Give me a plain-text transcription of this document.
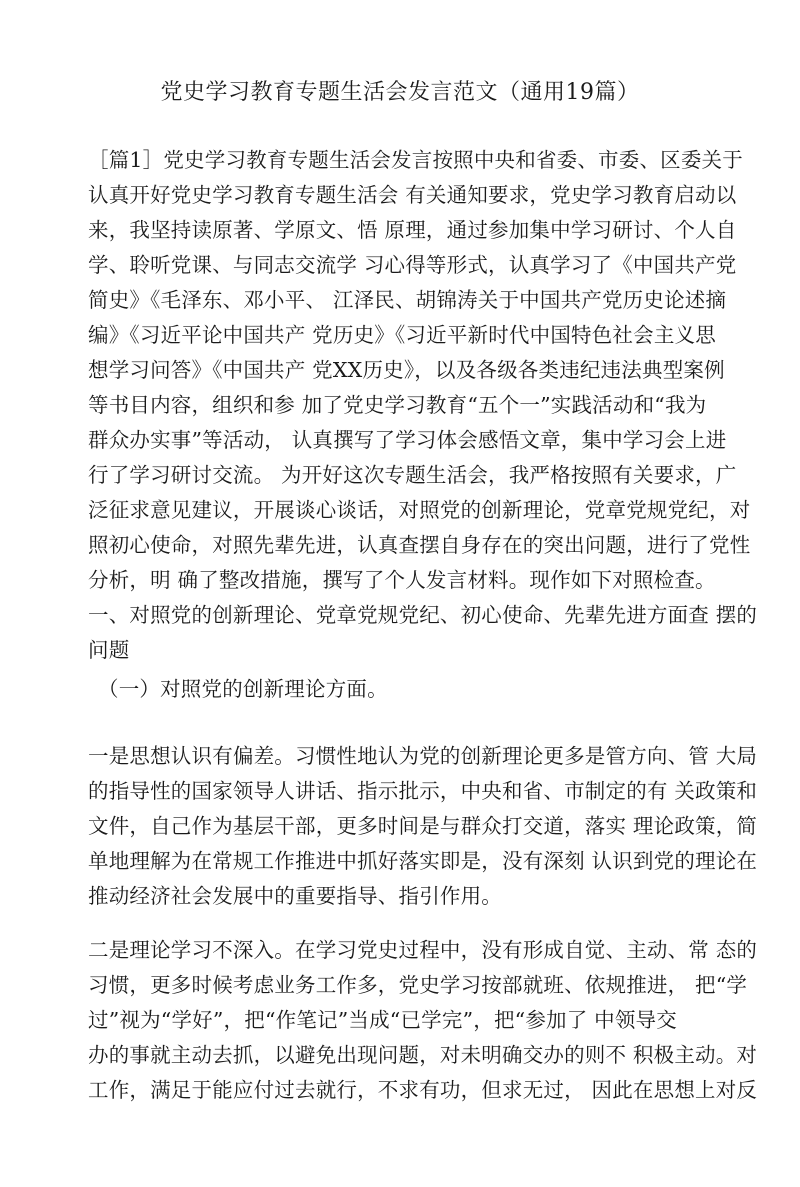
党史学习教育专题生活会发言范文（通用19篇）
［篇1］党史学习教育专题生活会发言按照中央和省委、市委、区委关于
认真开好党史学习教育专题生活会 有关通知要求，党史学习教育启动以
来，我坚持读原著、学原文、悟 原理，通过参加集中学习研讨、个人自
学、聆听党课、与同志交流学 习心得等形式，认真学习了《中国共产党
简史》《毛泽东、邓小平、 江泽民、胡锦涛关于中国共产党历史论述摘
编》《习近平论中国共产 党历史》《习近平新时代中国特色社会主义思
想学习问答》《中国共产 党XX历史》，以及各级各类违纪违法典型案例
等书目内容，组织和参 加了党史学习教育“五个一”实践活动和“我为
群众办实事”等活动， 认真撰写了学习体会感悟文章，集中学习会上进
行了学习研讨交流。 为开好这次专题生活会，我严格按照有关要求，广
泛征求意见建议，开展谈心谈话，对照党的创新理论，党章党规党纪，对
照初心使命，对照先辈先进，认真查摆自身存在的突出问题，进行了党性
分析，明 确了整改措施，撰写了个人发言材料。现作如下对照检查。
一、对照党的创新理论、党章党规党纪、初心使命、先辈先进方面查 摆的
问题
（一）对照党的创新理论方面。
一是思想认识有偏差。习惯性地认为党的创新理论更多是管方向、管 大局
的指导性的国家领导人讲话、指示批示，中央和省、市制定的有 关政策和
文件，自己作为基层干部，更多时间是与群众打交道，落实 理论政策，简
单地理解为在常规工作推进中抓好落实即是，没有深刻 认识到党的理论在
推动经济社会发展中的重要指导、指引作用。
二是理论学习不深入。在学习党史过程中，没有形成自觉、主动、常 态的
习惯，更多时候考虑业务工作多，党史学习按部就班、依规推进， 把“学
过”视为“学好”，把“作笔记”当成“已学完”，把“参加了 中领导交
办的事就主动去抓，以避免出现问题，对未明确交办的则不 积极主动。对
工作，满足于能应付过去就行，不求有功，但求无过， 因此在思想上对反
